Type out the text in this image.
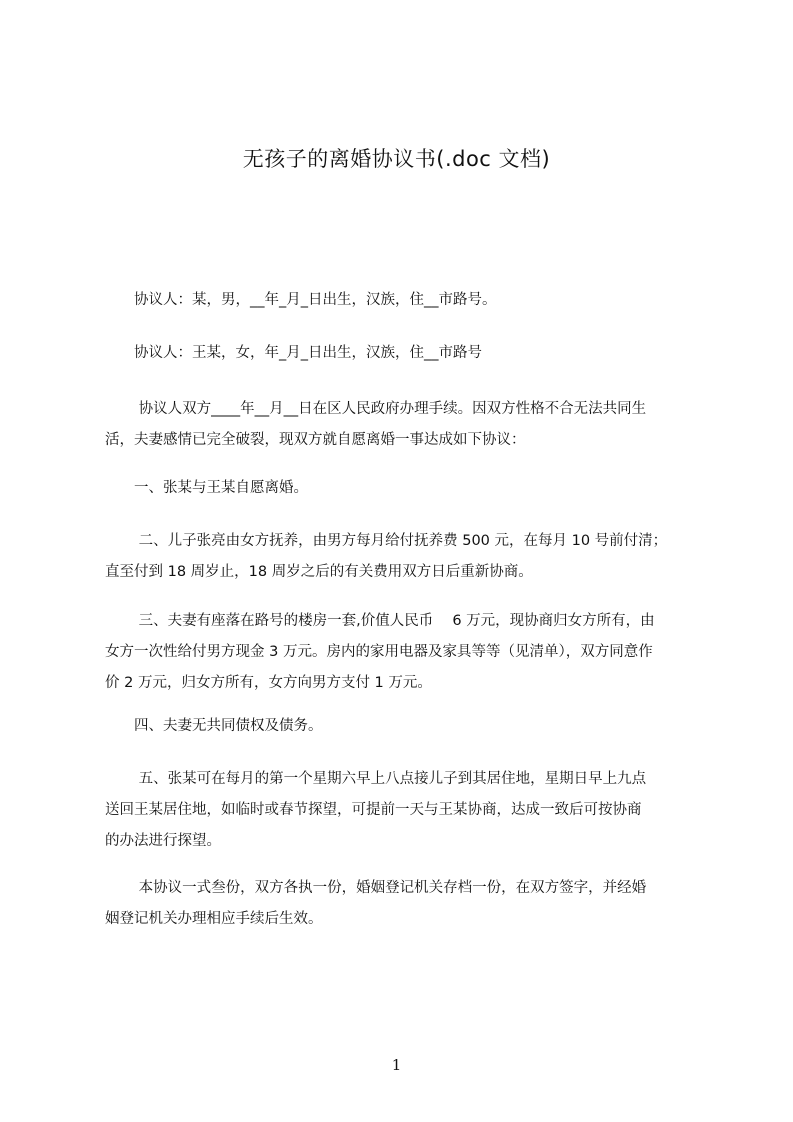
无孩子的离婚协议书(.doc 文档)
　　协议人：某，男，__年_月_日出生，汉族，住__市路号。
　　协议人：王某，女，年_月_日出生，汉族，住__市路号
　　 协议人双方____年__月__日在区人民政府办理手续。因双方性格不合无法共同生
活，夫妻感情已完全破裂，现双方就自愿离婚一事达成如下协议：
　　一、张某与王某自愿离婚。
　　 二、儿子张亮由女方抚养，由男方每月给付抚养费 500 元，在每月 10 号前付清；
直至付到 18 周岁止，18 周岁之后的有关费用双方日后重新协商。
　　 三、夫妻有座落在路号的楼房一套,价值人民币　 6 万元，现协商归女方所有，由
女方一次性给付男方现金 3 万元。房内的家用电器及家具等等（见清单），双方同意作
价 2 万元，归女方所有，女方向男方支付 1 万元。
　　四、夫妻无共同债权及债务。
　　 五、张某可在每月的第一个星期六早上八点接儿子到其居住地，星期日早上九点
送回王某居住地，如临时或春节探望，可提前一天与王某协商，达成一致后可按协商
的办法进行探望。
　　 本协议一式叁份，双方各执一份，婚姻登记机关存档一份，在双方签字，并经婚
姻登记机关办理相应手续后生效。
1
